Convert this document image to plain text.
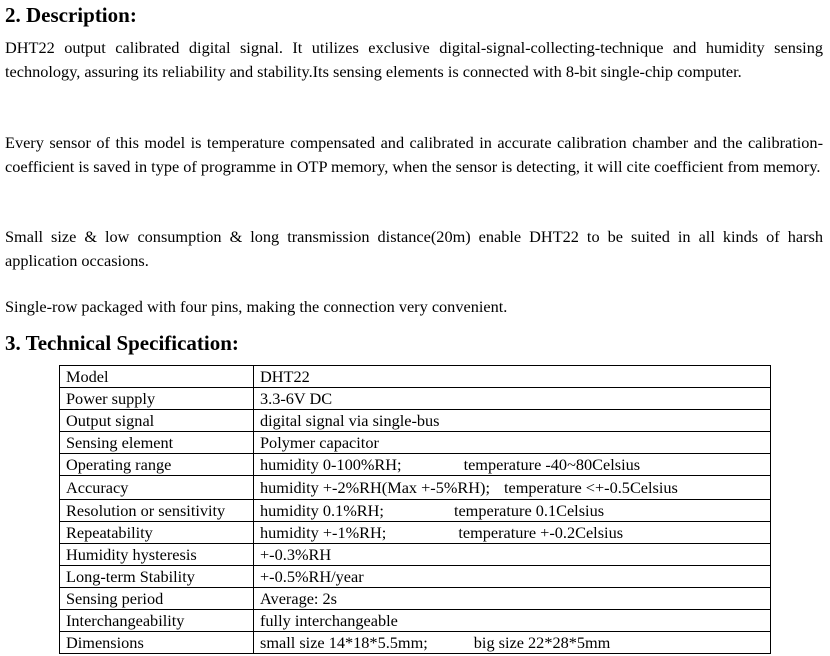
2. Description:

DHT22 output calibrated digital signal. It utilizes exclusive digital-signal-collecting-technique and humidity sensing technology, assuring its reliability and stability.Its sensing elements is connected with 8-bit single-chip computer.

Every sensor of this model is temperature compensated and calibrated in accurate calibration chamber and the calibration-coefficient is saved in type of programme in OTP memory, when the sensor is detecting, it will cite coefficient from memory.

Small size & low consumption & long transmission distance(20m) enable DHT22 to be suited in all kinds of harsh application occasions.

Single-row packaged with four pins, making the connection very convenient.

3. Technical Specification:
Model	DHT22
Power supply	3.3-6V DC
Output signal	digital signal via single-bus
Sensing element	Polymer capacitor
Operating range	humidity 0-100%RH; temperature -40~80Celsius
Accuracy	humidity +-2%RH(Max +-5%RH); temperature <+-0.5Celsius
Resolution or sensitivity	humidity 0.1%RH; temperature 0.1Celsius
Repeatability	humidity +-1%RH; temperature +-0.2Celsius
Humidity hysteresis	+-0.3%RH
Long-term Stability	+-0.5%RH/year
Sensing period	Average: 2s
Interchangeability	fully interchangeable
Dimensions	small size 14*18*5.5mm; big size 22*28*5mm
